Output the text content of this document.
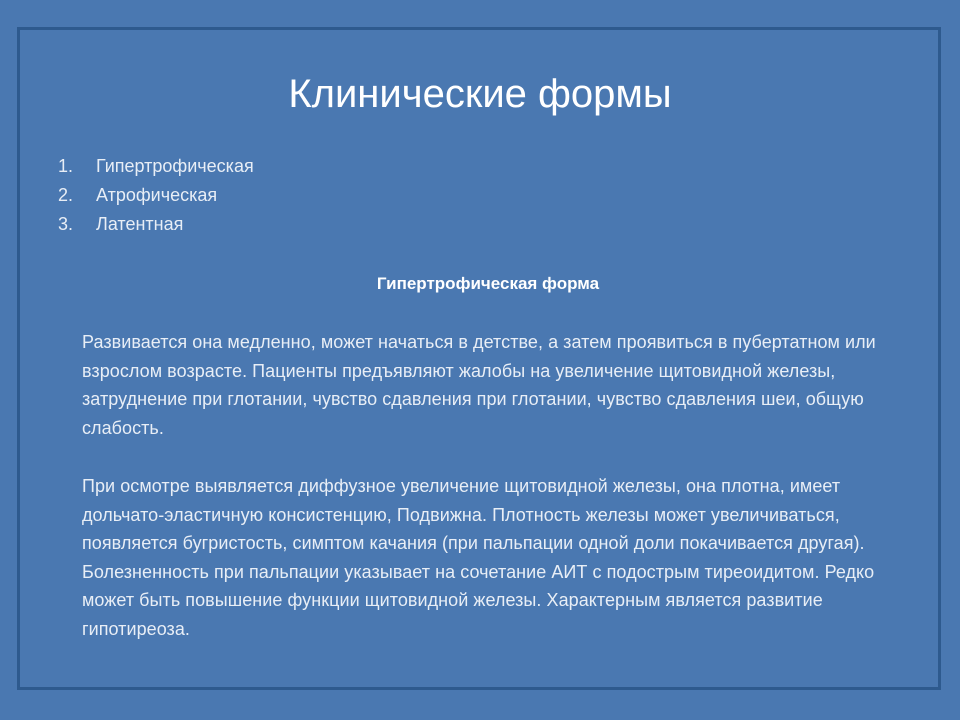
Клинические формы
1.	Гипертрофическая
2.	Атрофическая
3.	Латентная
Гипертрофическая форма

Развивается она медленно, может начаться в детстве, а затем проявиться в пубертатном или взрослом возрасте. Пациенты предъявляют жалобы на увеличение щитовидной железы, затруднение при глотании, чувство сдавления при глотании, чувство сдавления шеи, общую слабость.

При осмотре выявляется диффузное увеличение щитовидной железы, она плотна, имеет дольчато-эластичную консистенцию, Подвижна. Плотность железы может увеличиваться, появляется бугристость, симптом качания (при пальпации одной доли покачивается другая). Болезненность при пальпации указывает на сочетание АИТ с подострым тиреоидитом. Редко может быть повышение функции щитовидной железы. Характерным является развитие гипотиреоза.
